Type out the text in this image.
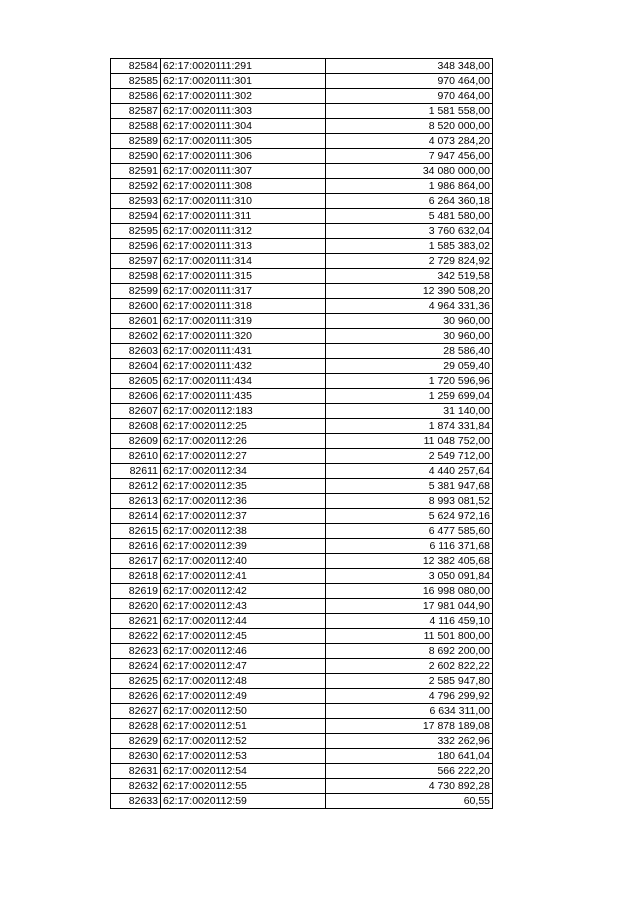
82584	62:17:0020111:291	348 348,00
82585	62:17:0020111:301	970 464,00
82586	62:17:0020111:302	970 464,00
82587	62:17:0020111:303	1 581 558,00
82588	62:17:0020111:304	8 520 000,00
82589	62:17:0020111:305	4 073 284,20
82590	62:17:0020111:306	7 947 456,00
82591	62:17:0020111:307	34 080 000,00
82592	62:17:0020111:308	1 986 864,00
82593	62:17:0020111:310	6 264 360,18
82594	62:17:0020111:311	5 481 580,00
82595	62:17:0020111:312	3 760 632,04
82596	62:17:0020111:313	1 585 383,02
82597	62:17:0020111:314	2 729 824,92
82598	62:17:0020111:315	342 519,58
82599	62:17:0020111:317	12 390 508,20
82600	62:17:0020111:318	4 964 331,36
82601	62:17:0020111:319	30 960,00
82602	62:17:0020111:320	30 960,00
82603	62:17:0020111:431	28 586,40
82604	62:17:0020111:432	29 059,40
82605	62:17:0020111:434	1 720 596,96
82606	62:17:0020111:435	1 259 699,04
82607	62:17:0020112:183	31 140,00
82608	62:17:0020112:25	1 874 331,84
82609	62:17:0020112:26	11 048 752,00
82610	62:17:0020112:27	2 549 712,00
82611	62:17:0020112:34	4 440 257,64
82612	62:17:0020112:35	5 381 947,68
82613	62:17:0020112:36	8 993 081,52
82614	62:17:0020112:37	5 624 972,16
82615	62:17:0020112:38	6 477 585,60
82616	62:17:0020112:39	6 116 371,68
82617	62:17:0020112:40	12 382 405,68
82618	62:17:0020112:41	3 050 091,84
82619	62:17:0020112:42	16 998 080,00
82620	62:17:0020112:43	17 981 044,90
82621	62:17:0020112:44	4 116 459,10
82622	62:17:0020112:45	11 501 800,00
82623	62:17:0020112:46	8 692 200,00
82624	62:17:0020112:47	2 602 822,22
82625	62:17:0020112:48	2 585 947,80
82626	62:17:0020112:49	4 796 299,92
82627	62:17:0020112:50	6 634 311,00
82628	62:17:0020112:51	17 878 189,08
82629	62:17:0020112:52	332 262,96
82630	62:17:0020112:53	180 641,04
82631	62:17:0020112:54	566 222,20
82632	62:17:0020112:55	4 730 892,28
82633	62:17:0020112:59	60,55
